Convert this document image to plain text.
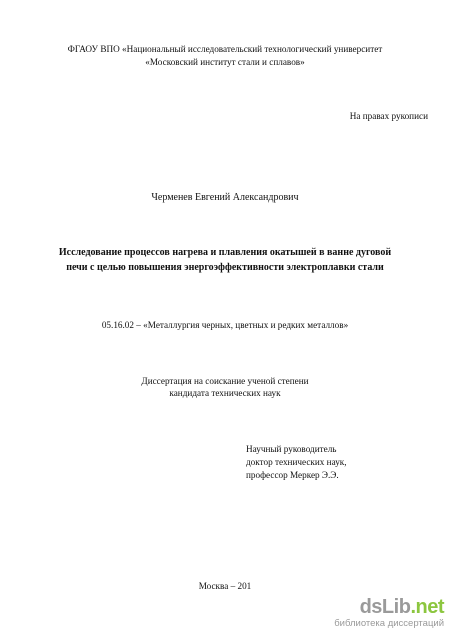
ФГАОУ ВПО «Национальный исследовательский технологический университет
«Московский институт стали и сплавов»
На правах рукописи
Черменев Евгений Александрович
Исследование процессов нагрева и плавления окатышей в ванне дуговой
печи с целью повышения энергоэффективности электроплавки стали
05.16.02 – «Металлургия черных, цветных и редких металлов»
Диссертация на соискание ученой степени
кандидата технических наук
Научный руководитель
доктор технических наук,
профессор Меркер Э.Э.
Москва – 201
dsLib.net
библиотека диссертаций
